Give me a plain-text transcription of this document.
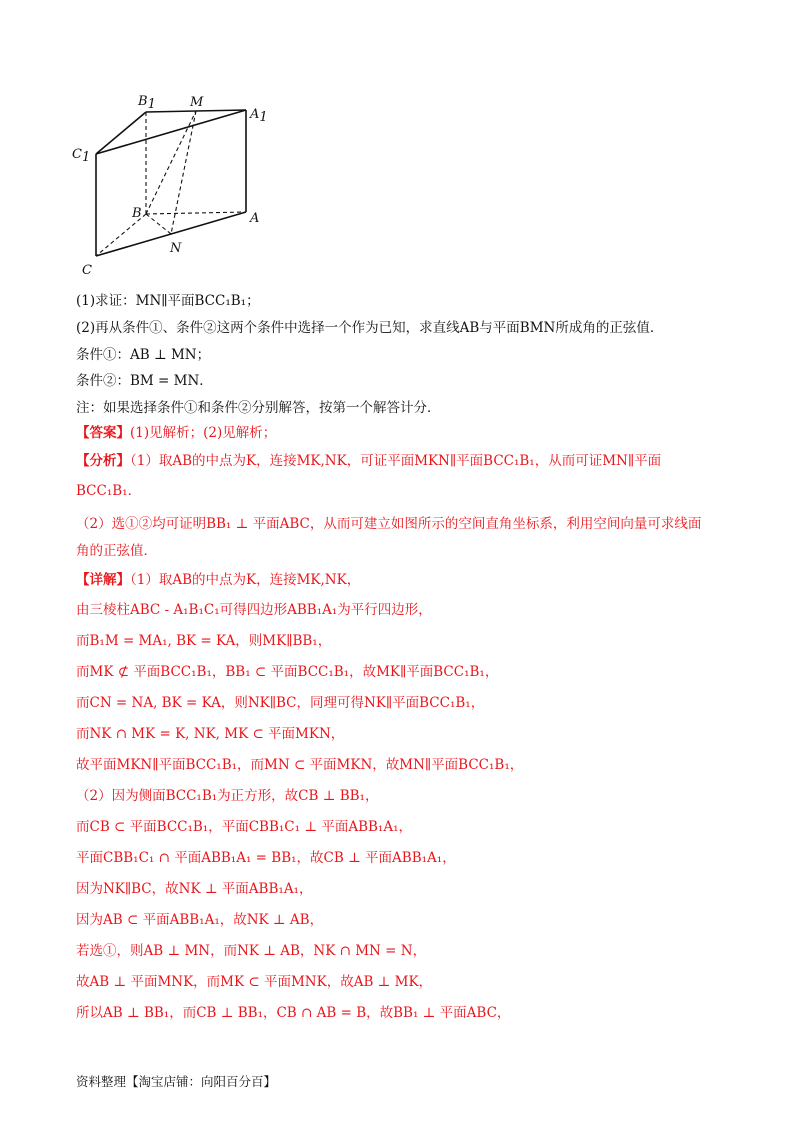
B1	M
A1
C1
B	A
N
C
(1)求证：MN∥平面BCC₁B₁；
(2)再从条件①、条件②这两个条件中选择一个作为已知，求直线AB与平面BMN所成角的正弦值．
条件①：AB ⊥ MN；
条件②：BM = MN．
注：如果选择条件①和条件②分别解答，按第一个解答计分．
【答案】(1)见解析；(2)见解析；
【分析】（1）取AB的中点为K，连接MK,NK，可证平面MKN∥平面BCC₁B₁，从而可证MN∥平面
BCC₁B₁．
（2）选①②均可证明BB₁ ⊥ 平面ABC，从而可建立如图所示的空间直角坐标系，利用空间向量可求线面
角的正弦值．
【详解】（1）取AB的中点为K，连接MK,NK，
由三棱柱ABC - A₁B₁C₁可得四边形ABB₁A₁为平行四边形，
而B₁M = MA₁, BK = KA，则MK∥BB₁，
而MK ⊄ 平面BCC₁B₁，BB₁ ⊂ 平面BCC₁B₁，故MK∥平面BCC₁B₁，
而CN = NA, BK = KA，则NK∥BC，同理可得NK∥平面BCC₁B₁，
而NK ∩ MK = K, NK, MK ⊂ 平面MKN，
故平面MKN∥平面BCC₁B₁，而MN ⊂ 平面MKN，故MN∥平面BCC₁B₁，
（2）因为侧面BCC₁B₁为正方形，故CB ⊥ BB₁，
而CB ⊂ 平面BCC₁B₁，平面CBB₁C₁ ⊥ 平面ABB₁A₁，
平面CBB₁C₁ ∩ 平面ABB₁A₁ = BB₁，故CB ⊥ 平面ABB₁A₁，
因为NK∥BC，故NK ⊥ 平面ABB₁A₁，
因为AB ⊂ 平面ABB₁A₁，故NK ⊥ AB，
若选①，则AB ⊥ MN，而NK ⊥ AB，NK ∩ MN = N，
故AB ⊥ 平面MNK，而MK ⊂ 平面MNK，故AB ⊥ MK，
所以AB ⊥ BB₁，而CB ⊥ BB₁，CB ∩ AB = B，故BB₁ ⊥ 平面ABC，
资料整理【淘宝店铺：向阳百分百】
